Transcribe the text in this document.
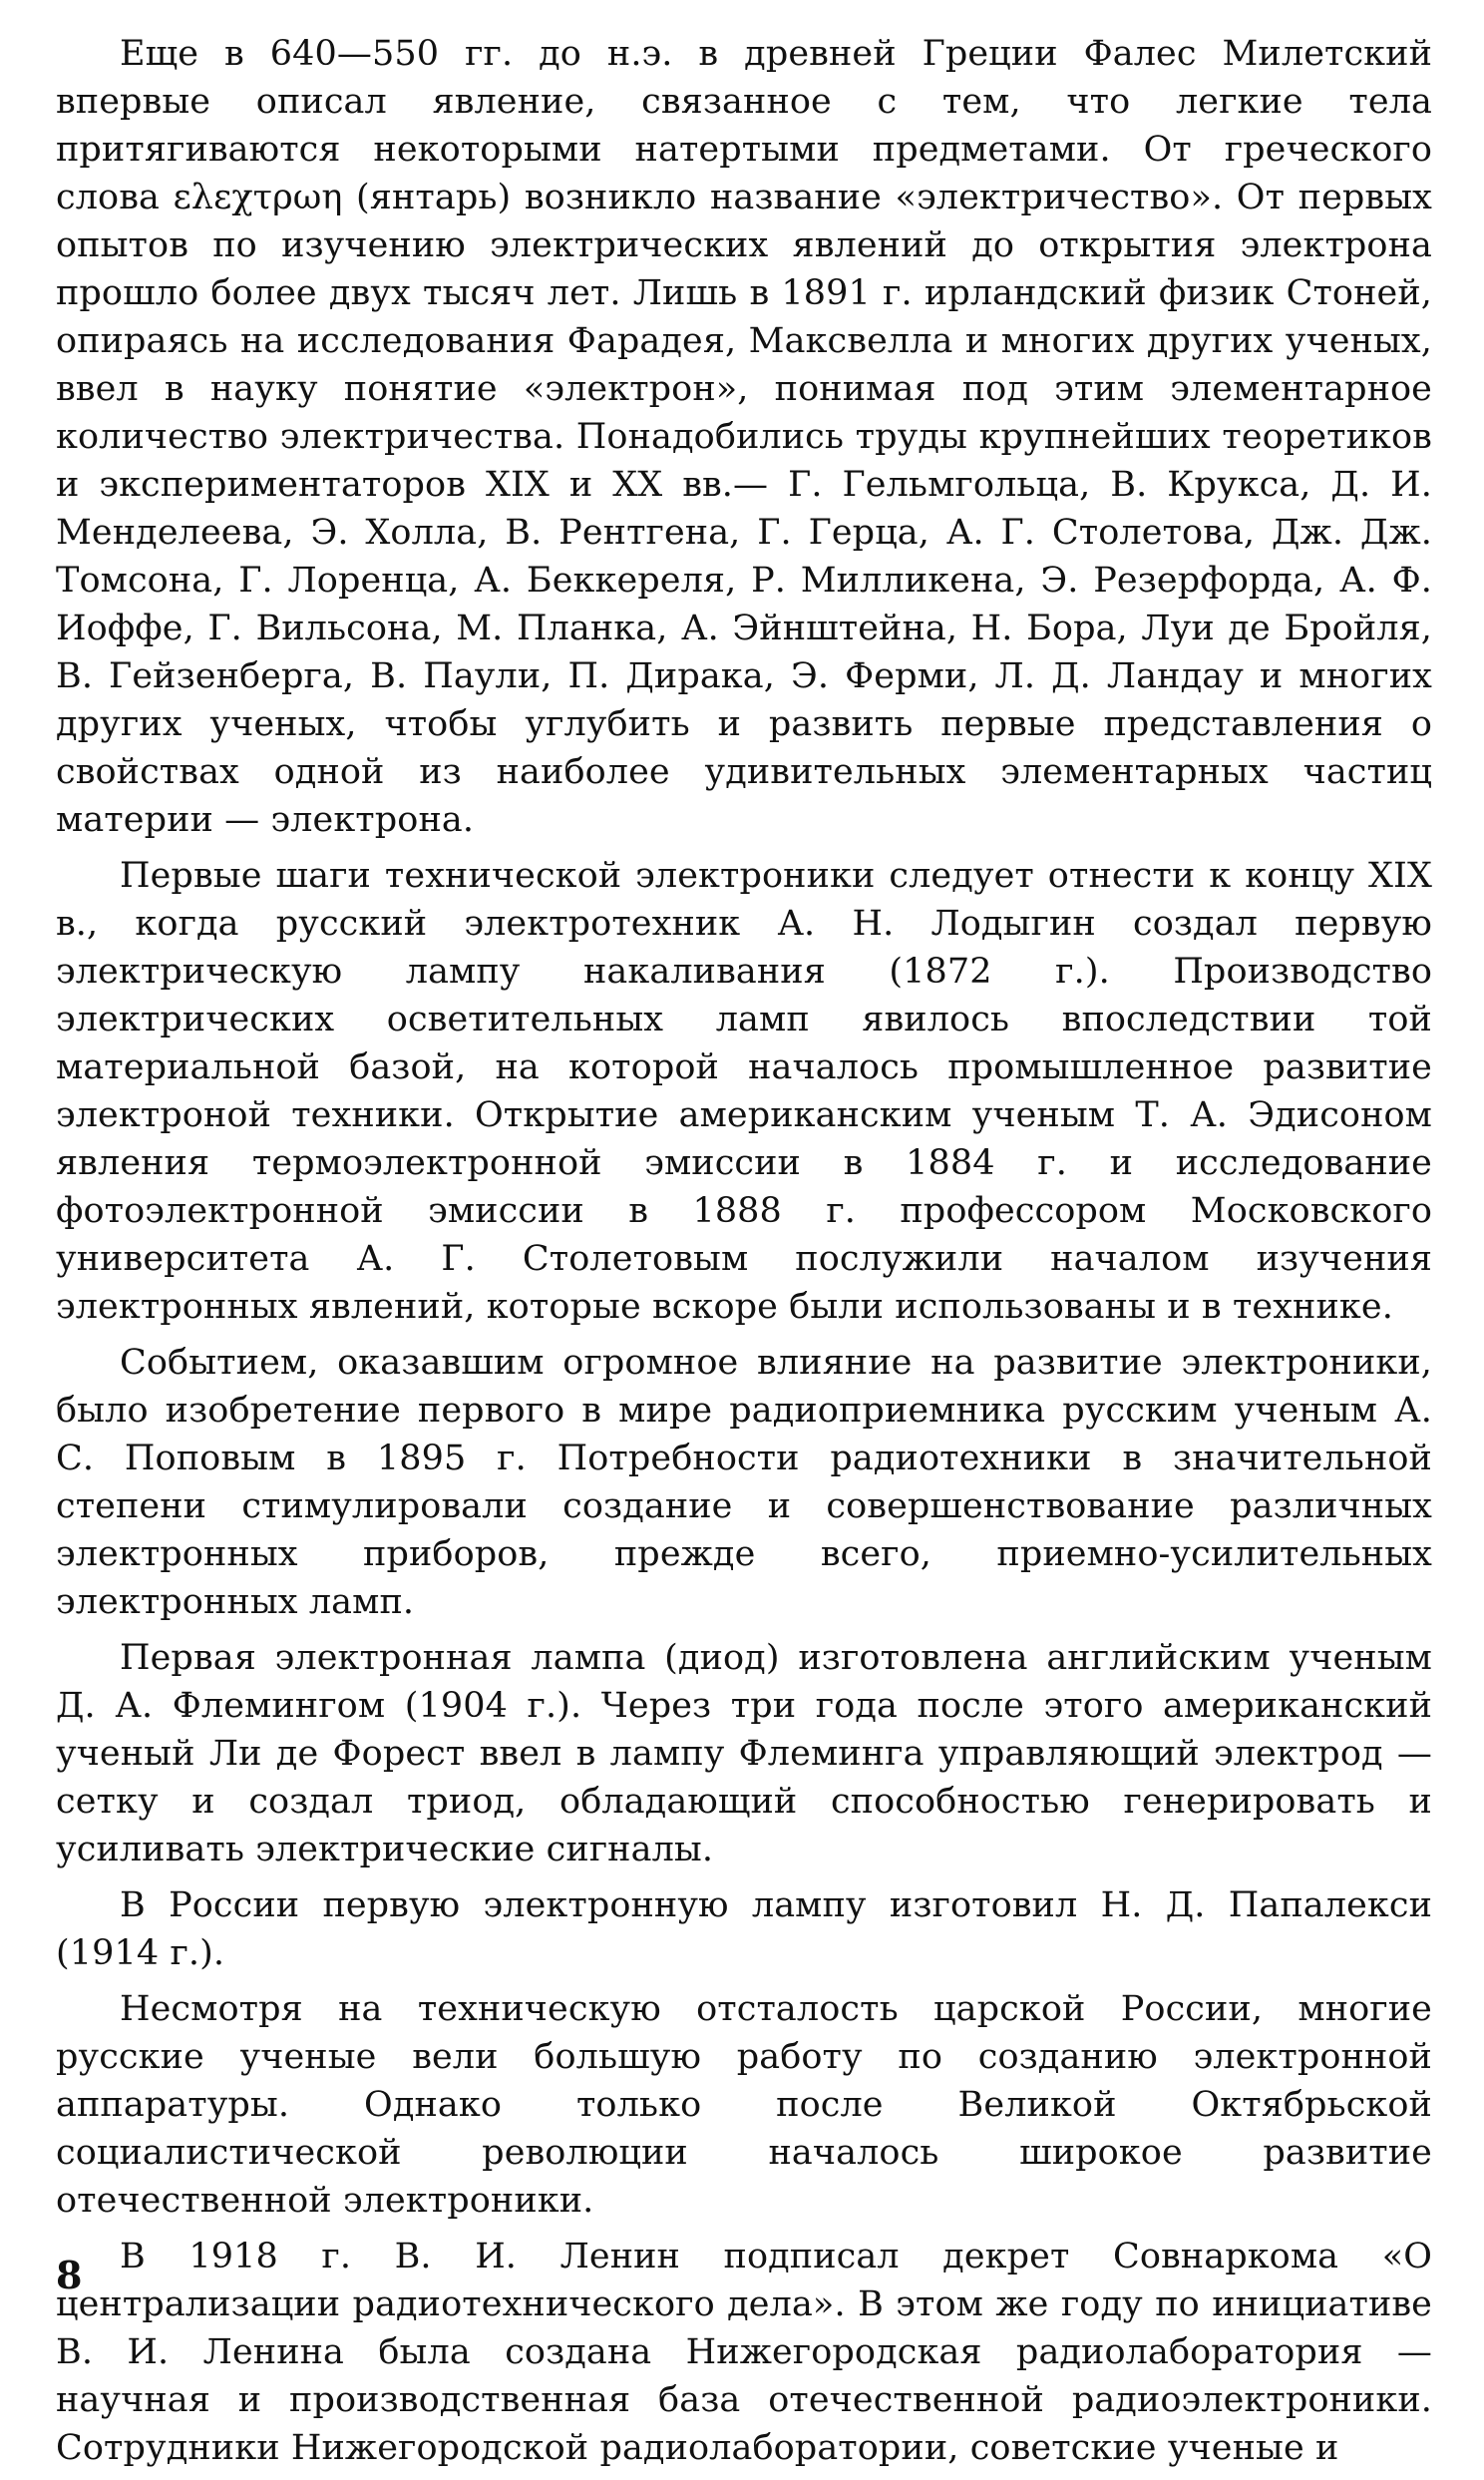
Еще в 640—550 гг. до н.э. в древней Греции Фалес Милетский впервые описал явление, связанное с тем, что легкие тела притягиваются некоторыми натертыми предметами. От греческого слова ελεχτρωη (янтарь) возникло название «электричество». От первых опытов по изучению электрических явлений до открытия электрона прошло более двух тысяч лет. Лишь в 1891 г. ирландский физик Стоней, опираясь на исследования Фарадея, Максвелла и многих других ученых, ввел в науку понятие «электрон», понимая под этим элементарное количество электричества. Понадобились труды крупнейших теоретиков и экспериментаторов XIX и XX вв.— Г. Гельмгольца, В. Крукса, Д. И. Менделеева, Э. Холла, В. Рентгена, Г. Герца, А. Г. Столетова, Дж. Дж. Томсона, Г. Лоренца, А. Беккереля, Р. Милликена, Э. Резерфорда, А. Ф. Иоффе, Г. Вильсона, М. Планка, А. Эйнштейна, Н. Бора, Луи де Бройля, В. Гейзенберга, В. Паули, П. Дирака, Э. Ферми, Л. Д. Ландау и многих других ученых, чтобы углубить и развить первые представления о свойствах одной из наиболее удивительных элементарных частиц материи — электрона.

Первые шаги технической электроники следует отнести к концу XIX в., когда русский электротехник А. Н. Лодыгин создал первую электрическую лампу накаливания (1872 г.). Производство электрических осветительных ламп явилось впоследствии той материальной базой, на которой началось промышленное развитие электроной техники. Открытие американским ученым Т. А. Эдисоном явления термоэлектронной эмиссии в 1884 г. и исследование фотоэлектронной эмиссии в 1888 г. профессором Московского университета А. Г. Столетовым послужили началом изучения электронных явлений, которые вскоре были использованы и в технике.

Событием, оказавшим огромное влияние на развитие электроники, было изобретение первого в мире радиоприемника русским ученым А. С. Поповым в 1895 г. Потребности радиотехники в значительной степени стимулировали создание и совершенствование различных электронных приборов, прежде всего, приемно-усилительных электронных ламп.

Первая электронная лампа (диод) изготовлена английским ученым Д. А. Флемингом (1904 г.). Через три года после этого американский ученый Ли де Форест ввел в лампу Флеминга управляющий электрод — сетку и создал триод, обладающий способностью генерировать и усиливать электрические сигналы.

В России первую электронную лампу изготовил Н. Д. Папалекси (1914 г.).

Несмотря на техническую отсталость царской России, многие русские ученые вели большую работу по созданию электронной аппаратуры. Однако только после Великой Октябрьской социалистической революции началось широкое развитие отечественной электроники.

В 1918 г. В. И. Ленин подписал декрет Совнаркома «О централизации радиотехнического дела». В этом же году по инициативе В. И. Ленина была создана Нижегородская радиолаборатория — научная и производственная база отечественной радиоэлектроники. Сотрудники Нижегородской радиолаборатории, советские ученые и

8
